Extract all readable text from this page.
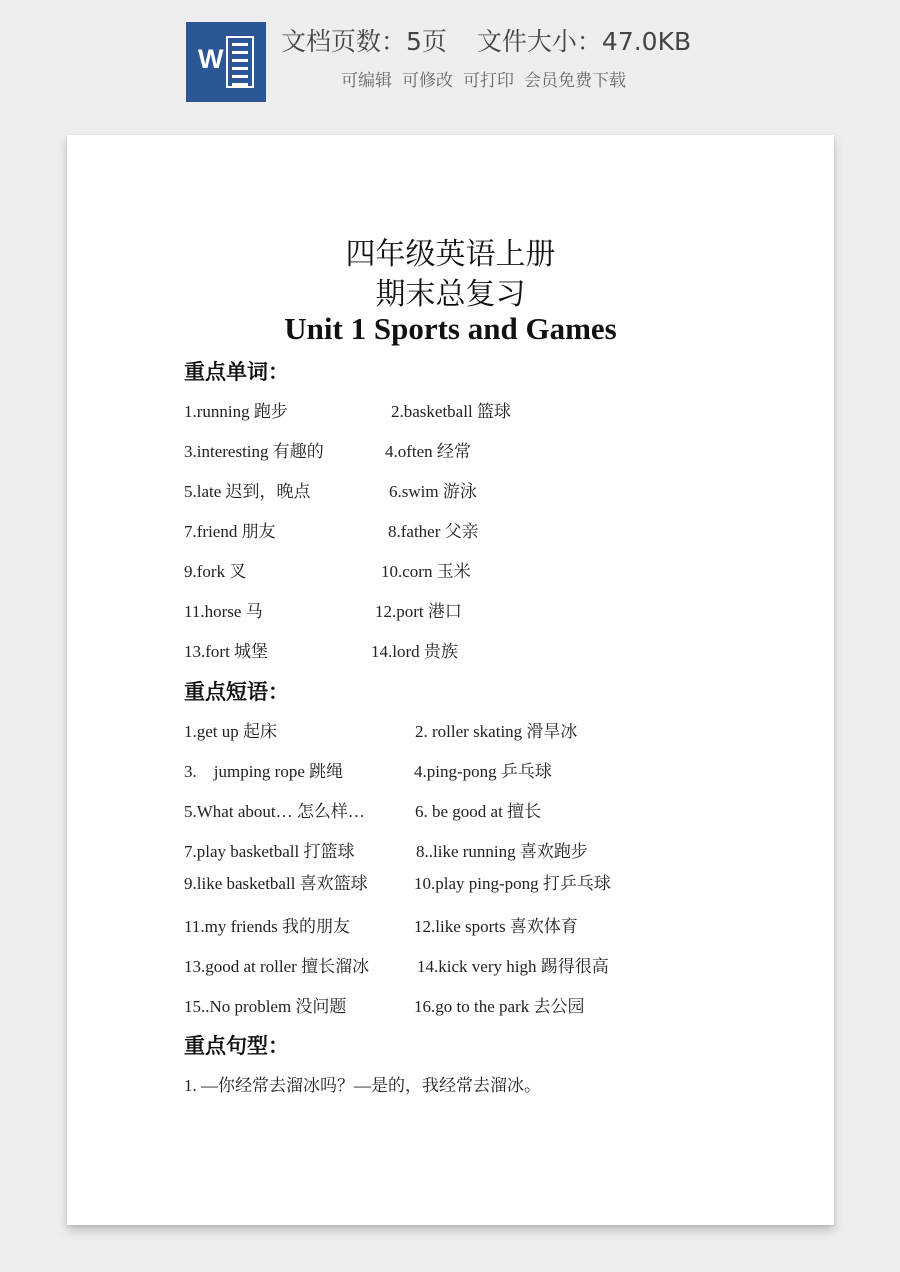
W
文档页数：5页 文件大小：47.0KB
可编辑 可修改 可打印 会员免费下载
四年级英语上册
期末总复习
Unit 1 Sports and Games
重点单词：
1.running 跑步	2.basketball 篮球
3.interesting 有趣的	4.often 经常
5.late 迟到，晚点	6.swim 游泳
7.friend 朋友	8.father 父亲
9.fork 叉	10.corn 玉米
11.horse 马	12.port 港口
13.fort 城堡	14.lord 贵族
重点短语：
1.get up 起床	2. roller skating 滑旱冰
3.    jumping rope 跳绳	4.ping-pong 乒乓球
5.What about… 怎么样…	6. be good at 擅长
7.play basketball 打篮球	8..like running 喜欢跑步
9.like basketball 喜欢篮球	10.play ping-pong 打乒乓球
11.my friends 我的朋友	12.like sports 喜欢体育
13.good at roller 擅长溜冰	14.kick very high 踢得很高
15..No problem 没问题	16.go to the park 去公园
重点句型：
1. —你经常去溜冰吗？—是的，我经常去溜冰。
